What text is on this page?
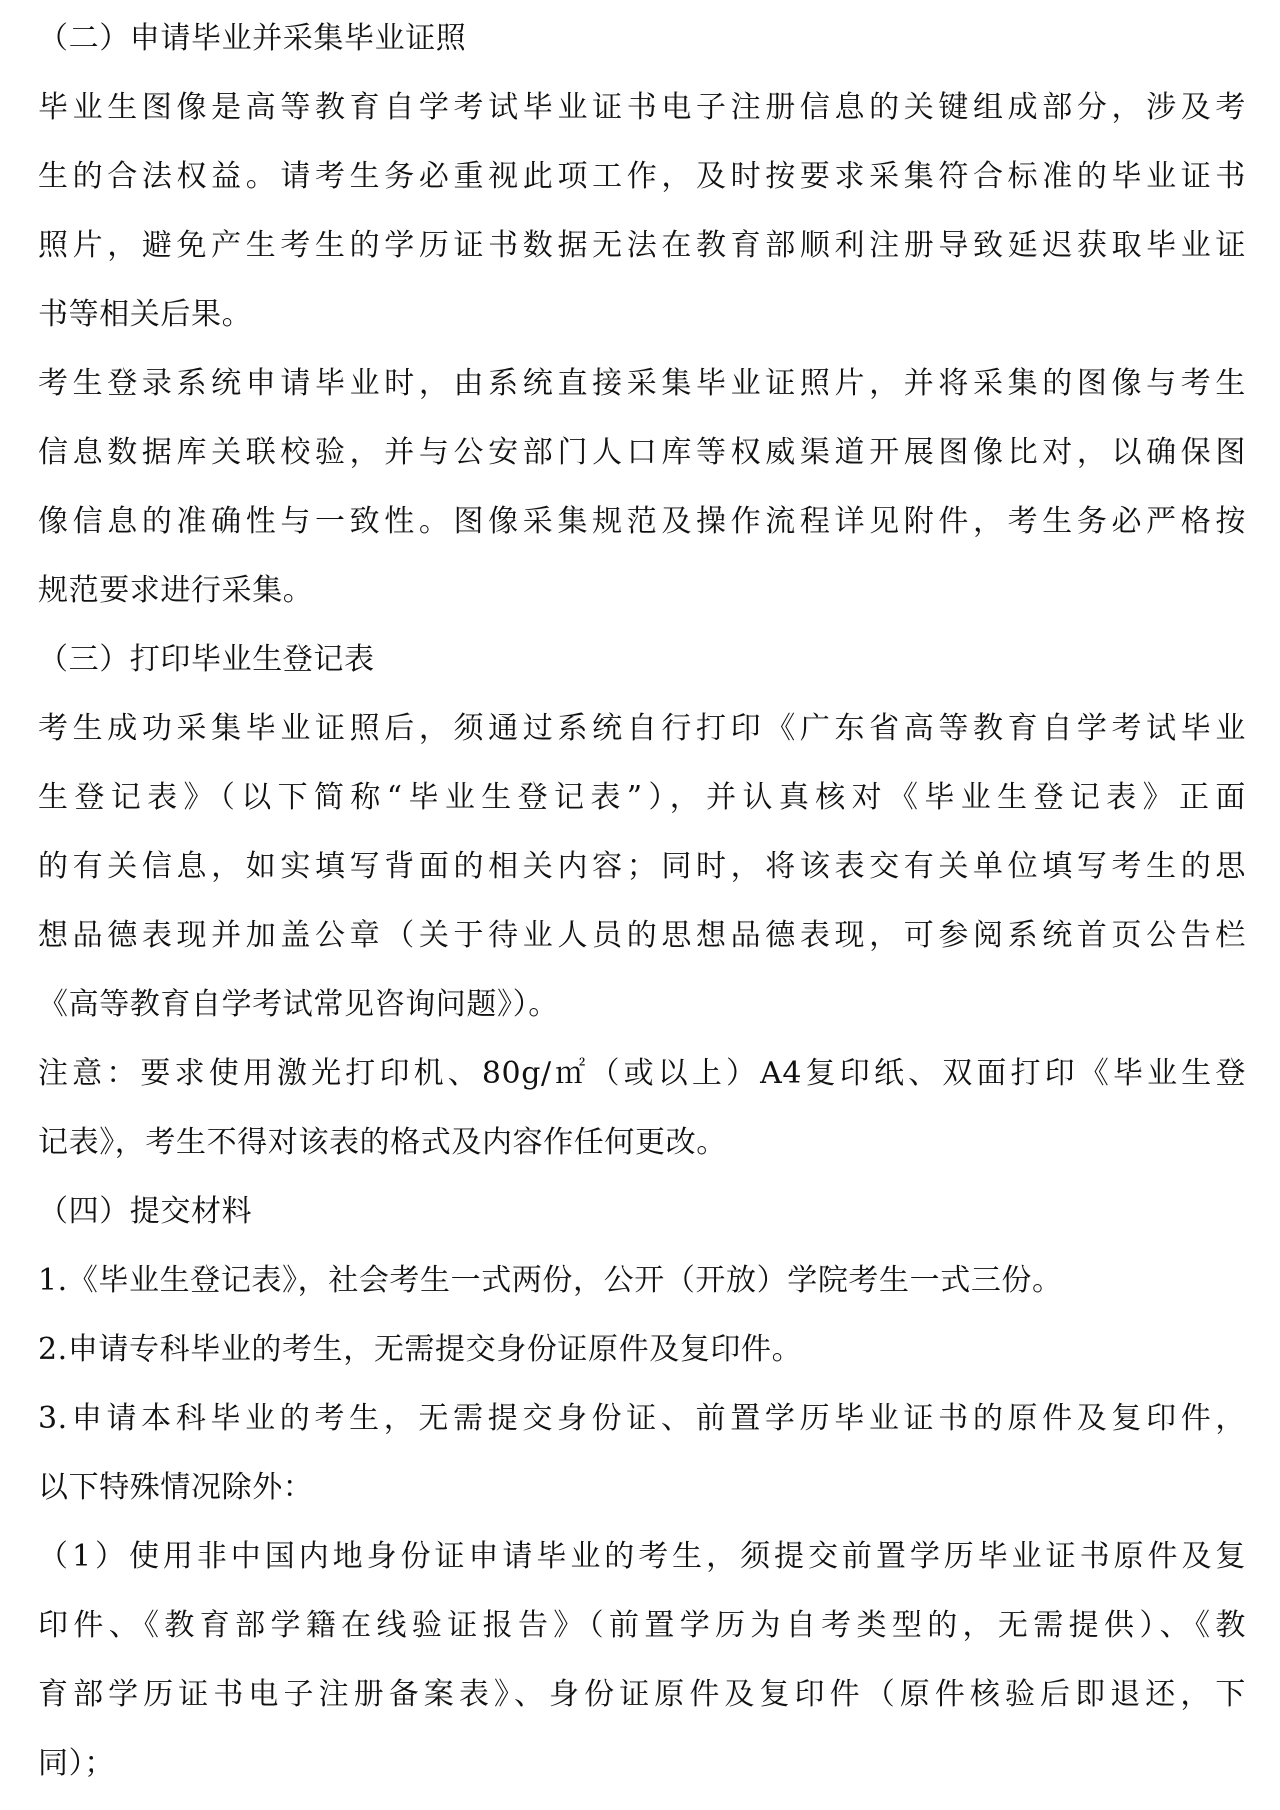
（二）申请毕业并采集毕业证照
毕业生图像是高等教育自学考试毕业证书电子注册信息的关键组成部分，涉及考
生的合法权益。请考生务必重视此项工作，及时按要求采集符合标准的毕业证书
照片，避免产生考生的学历证书数据无法在教育部顺利注册导致延迟获取毕业证
书等相关后果。
考生登录系统申请毕业时，由系统直接采集毕业证照片，并将采集的图像与考生
信息数据库关联校验，并与公安部门人口库等权威渠道开展图像比对，以确保图
像信息的准确性与一致性。图像采集规范及操作流程详见附件，考生务必严格按
规范要求进行采集。
（三）打印毕业生登记表
考生成功采集毕业证照后，须通过系统自行打印《广东省高等教育自学考试毕业
生登记表》（以下简称“毕业生登记表”），并认真核对《毕业生登记表》正面
的有关信息，如实填写背面的相关内容；同时，将该表交有关单位填写考生的思
想品德表现并加盖公章（关于待业人员的思想品德表现，可参阅系统首页公告栏
《高等教育自学考试常见咨询问题》）。
注意：要求使用激光打印机、80g/㎡（或以上）A4复印纸、双面打印《毕业生登
记表》，考生不得对该表的格式及内容作任何更改。
（四）提交材料
1.《毕业生登记表》，社会考生一式两份，公开（开放）学院考生一式三份。
2.申请专科毕业的考生，无需提交身份证原件及复印件。
3.申请本科毕业的考生，无需提交身份证、前置学历毕业证书的原件及复印件，
以下特殊情况除外：
（1）使用非中国内地身份证申请毕业的考生，须提交前置学历毕业证书原件及复
印件、《教育部学籍在线验证报告》（前置学历为自考类型的，无需提供）、《教
育部学历证书电子注册备案表》、身份证原件及复印件（原件核验后即退还，下
同）；
